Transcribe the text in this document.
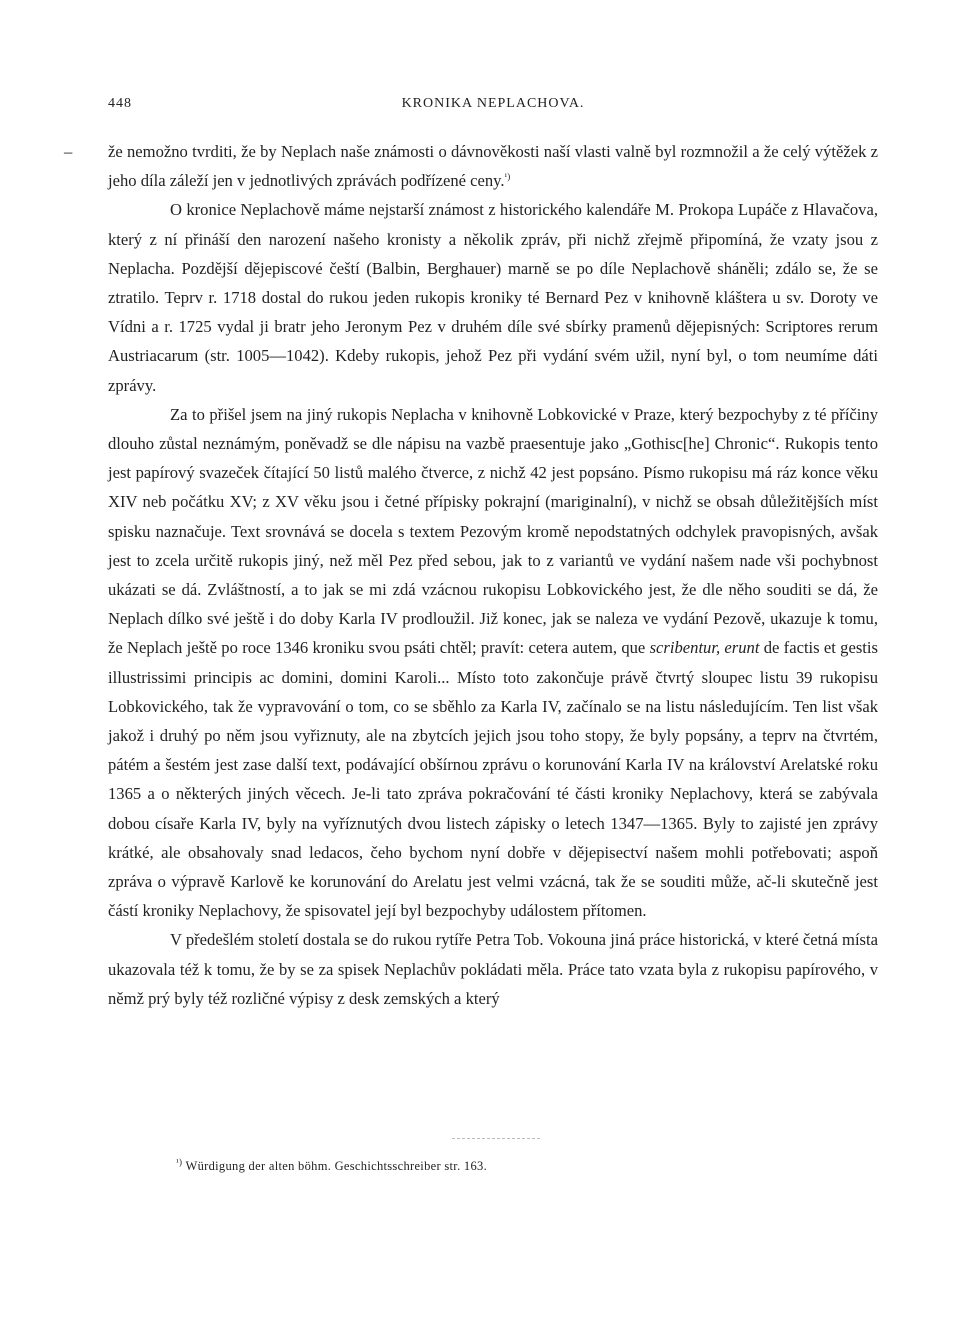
448	KRONIKA NEPLACHOVA.
– že nemožno tvrditi, že by Neplach naše známosti o dávnověkosti naší vlasti valně byl rozmnožil a že celý výtěžek z jeho díla záleží jen v jednotlivých zprávách podřízené ceny.$^{^1)}$

O kronice Neplachově máme nejstarší známost z historického kalendáře M. Prokopa Lupáče z Hlavačova, který z ní přináší den narození našeho kronisty a několik zpráv, při nichž zřejmě připomíná, že vzaty jsou z Neplacha. Pozdější dějepiscové čeští (Balbin, Berghauer) marně se po díle Neplachově sháněli; zdálo se, že se ztratilo. Teprv r. 1718 dostal do rukou jeden rukopis kroniky té Bernard Pez v knihovně kláštera u sv. Doroty ve Vídni a r. 1725 vydal ji bratr jeho Jeronym Pez v druhém díle své sbírky pramenů dějepisných: Scriptores rerum Austriacarum (str. 1005—1042). Kdeby rukopis, jehož Pez při vydání svém užil, nyní byl, o tom neumíme dáti zprávy.

Za to přišel jsem na jiný rukopis Neplacha v knihovně Lobkovické v Praze, který bezpochyby z té příčiny dlouho zůstal neznámým, poněvadž se dle nápisu na vazbě praesentuje jako „Gothisc[he] Chronic“. Rukopis tento jest papírový svazeček čítající 50 listů malého čtverce, z nichž 42 jest popsáno. Písmo rukopisu má ráz konce věku XIV neb počátku XV; z XV věku jsou i četné přípisky pokrajní (mariginalní), v nichž se obsah důležitějších míst spisku naznačuje. Text srovnává se docela s textem Pezovým kromě nepodstatných odchylek pravopisných, avšak jest to zcela určitě rukopis jiný, než měl Pez před sebou, jak to z variantů ve vydání našem nade vši pochybnost ukázati se dá. Zvláštností, a to jak se mi zdá vzácnou rukopisu Lobkovického jest, že dle něho souditi se dá, že Neplach dílko své ještě i do doby Karla IV prodloužil. Již konec, jak se naleza ve vydání Pezově, ukazuje k tomu, že Neplach ještě po roce 1346 kroniku svou psáti chtěl; pravít: cetera autem, que scribentur, erunt de factis et gestis illustrissimi principis ac domini, domini Karoli... Místo toto zakončuje právě čtvrtý sloupec listu 39 rukopisu Lobkovického, tak že vypravování o tom, co se sběhlo za Karla IV, začínalo se na listu následujícím. Ten list však jakož i druhý po něm jsou vyřiznuty, ale na zbytcích jejich jsou toho stopy, že byly popsány, a teprv na čtvrtém, pátém a šestém jest zase další text, podávající obšírnou zprávu o korunování Karla IV na království Arelatské roku 1365 a o některých jiných věcech. Je-li tato zpráva pokračování té části kroniky Neplachovy, která se zabývala dobou císaře Karla IV, byly na vyříznutých dvou listech zápisky o letech 1347—1365. Byly to zajisté jen zprávy krátké, ale obsahovaly snad ledacos, čeho bychom nyní dobře v dějepisectví našem mohli potřebovati; aspoň zpráva o výpravě Karlově ke korunování do Arelatu jest velmi vzácná, tak že se souditi může, ač-li skutečně jest částí kroniky Neplachovy, že spisovatel její byl bezpochyby událostem přítomen.

V předešlém století dostala se do rukou rytíře Petra Tob. Vokouna jiná práce historická, v které četná místa ukazovala též k tomu, že by se za spisek Neplachův pokládati měla. Práce tato vzata byla z rukopisu papírového, v němž prý byly též rozličné výpisy z desk zemských a který

$^{^1)}$ Würdigung der alten böhm. Geschichtsschreiber str. 163.
